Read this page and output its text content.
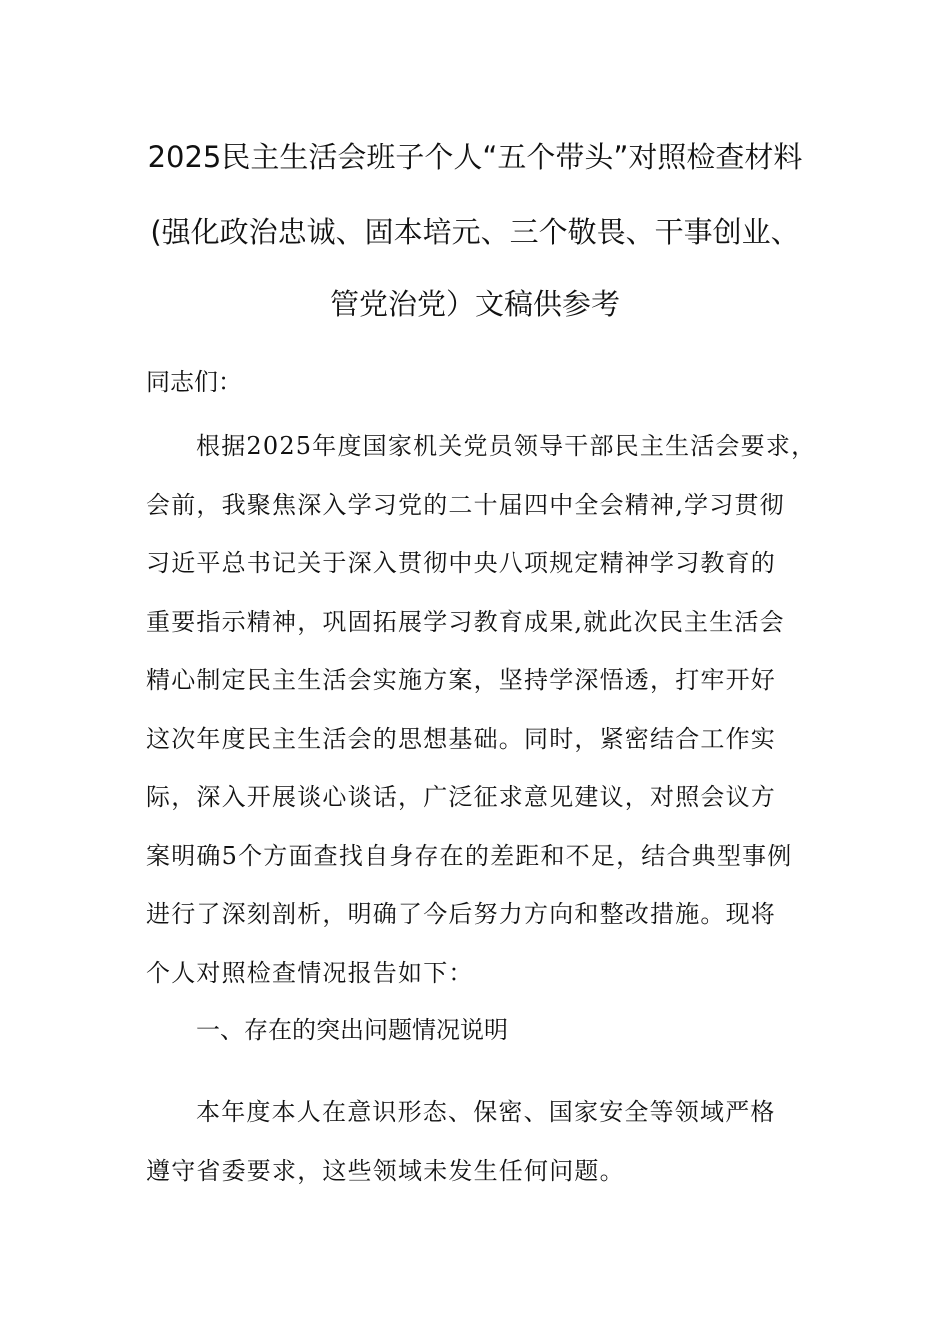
2025民主生活会班子个人“五个带头”对照检查材料
(强化政治忠诚、固本培元、三个敬畏、干事创业、
管党治党）文稿供参考
同志们：
根据2025年度国家机关党员领导干部民主生活会要求，
会前，我聚焦深入学习党的二十届四中全会精神,学习贯彻
习近平总书记关于深入贯彻中央八项规定精神学习教育的
重要指示精神，巩固拓展学习教育成果,就此次民主生活会
精心制定民主生活会实施方案，坚持学深悟透，打牢开好
这次年度民主生活会的思想基础。同时，紧密结合工作实
际，深入开展谈心谈话，广泛征求意见建议，对照会议方
案明确5个方面查找自身存在的差距和不足，结合典型事例
进行了深刻剖析，明确了今后努力方向和整改措施。现将
个人对照检查情况报告如下：
一、存在的突出问题情况说明
本年度本人在意识形态、保密、国家安全等领域严格
遵守省委要求，这些领域未发生任何问题。
